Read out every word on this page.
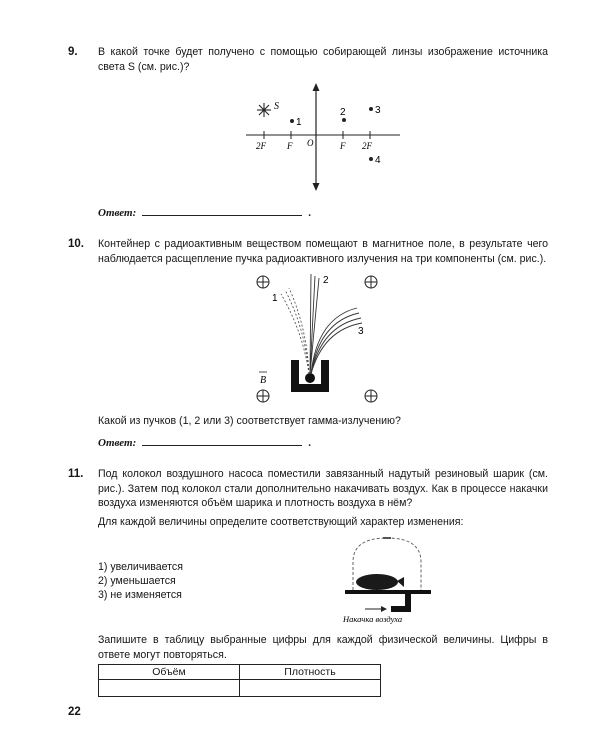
9. В какой точке будет получено с помощью собирающей линзы изображение источника света S (см. рис.)?

S
1
2	3
4
2F F O	F 2F
Ответ:	.
10. Контейнер с радиоактивным веществом помещают в магнитное поле, в результате чего наблюдается расщепление пучка радиоактивного излучения на три компоненты (см. рис.).

1
2
3
B

Какой из пучков (1, 2 или 3) соответствует гамма-излучению?

Ответ:	.
11. Под колокол воздушного насоса поместили завязанный надутый резиновый шарик (см. рис.). Затем под колокол стали дополнительно накачивать воздух. Как в процессе накачки воздуха изменяются объём шарика и плотность воздуха в нём?

Для каждой величины определите соответствующий характер изменения:

1) увеличивается
2) уменьшается
3) не изменяется
Накачка воздуха

Запишите в таблицу выбранные цифры для каждой физической величины. Цифры в ответе могут повторяться.

Объём	Плотность

22
